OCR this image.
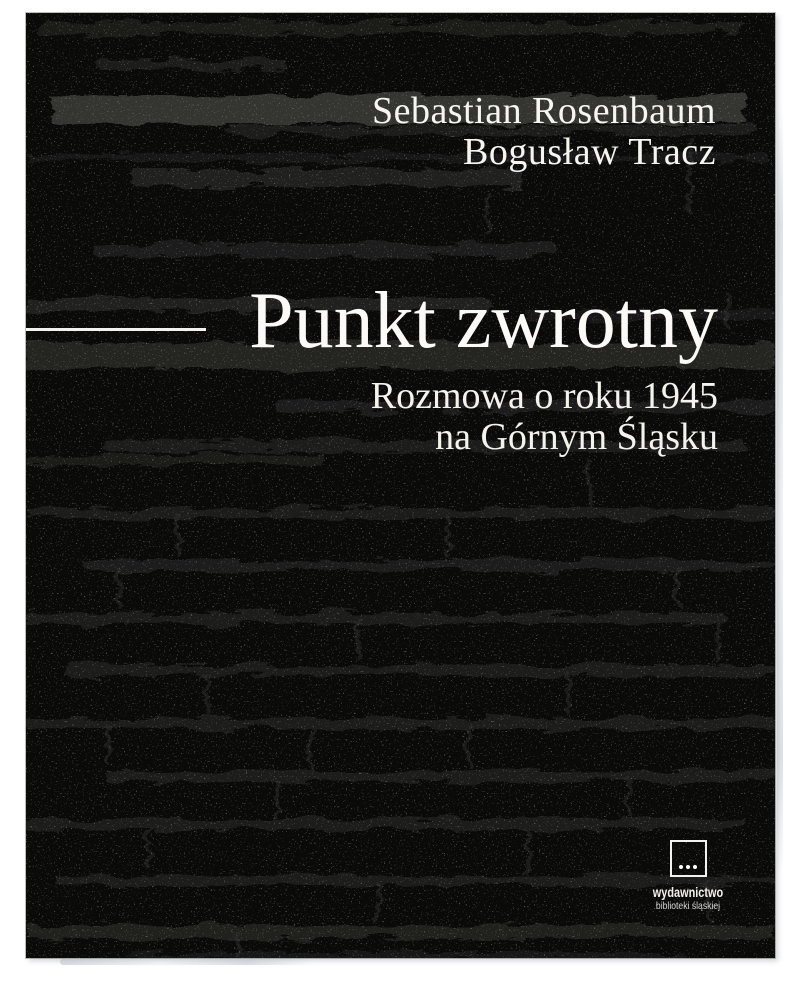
Sebastian Rosenbaum
Bogusław Tracz
Punkt zwrotny
Rozmowa o roku 1945
na Górnym Śląsku
wydawnictwo
biblioteki śląskiej
